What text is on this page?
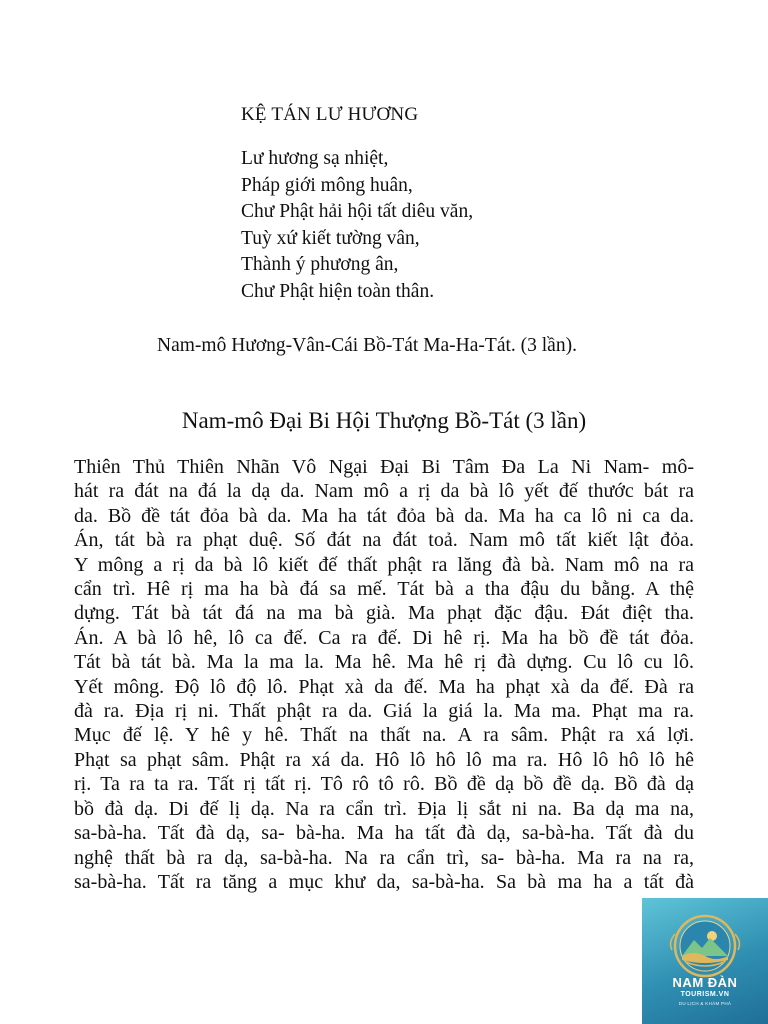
KỆ TÁN LƯ HƯƠNG
Lư hương sạ nhiệt,
Pháp giới mông huân,
Chư Phật hải hội tất diêu văn,
Tuỳ xứ kiết tường vân,
Thành ý phương ân,
Chư Phật hiện toàn thân.
Nam-mô Hương-Vân-Cái Bồ-Tát Ma-Ha-Tát. (3 lần).
Nam-mô Đại Bi Hội Thượng Bồ-Tát (3 lần)
Thiên Thủ Thiên Nhãn Vô Ngại Đại Bi Tâm Đa La Ni Nam- mô-
hát ra đát na đá la dạ da. Nam mô a rị da bà lô yết đế thước bát ra
da. Bồ đề tát đỏa bà da. Ma ha tát đỏa bà da. Ma ha ca lô ni ca da.
Án, tát bà ra phạt duệ. Số đát na đát toả. Nam mô tất kiết lật đỏa.
Y mông a rị da bà lô kiết đế thất phật ra lăng đà bà. Nam mô na ra
cẩn trì. Hê rị ma ha bà đá sa mế. Tát bà a tha đậu du bằng. A thệ
dựng. Tát bà tát đá na ma bà già. Ma phạt đặc đậu. Đát điệt tha.
Án. A bà lô hê, lô ca đế. Ca ra đế. Di hê rị. Ma ha bồ đề tát đỏa.
Tát bà tát bà. Ma la ma la. Ma hê. Ma hê rị đà dựng. Cu lô cu lô.
Yết mông. Độ lô độ lô. Phạt xà da đế. Ma ha phạt xà da đế. Đà ra
đà ra. Địa rị ni. Thất phật ra da. Giá la giá la. Ma ma. Phạt ma ra.
Mục đế lệ. Y hê y hê. Thất na thất na. A ra sâm. Phật ra xá lợi.
Phạt sa phạt sâm. Phật ra xá da. Hô lô hô lô ma ra. Hô lô hô lô hê
rị. Ta ra ta ra. Tất rị tất rị. Tô rô tô rô. Bồ đề dạ bồ đề dạ. Bồ đà dạ
bồ đà dạ. Di đế lị dạ. Na ra cẩn trì. Địa lị sắt ni na. Ba dạ ma na,
sa-bà-ha. Tất đà dạ, sa- bà-ha. Ma ha tất đà dạ, sa-bà-ha. Tất đà du
nghệ thất bà ra dạ, sa-bà-ha. Na ra cẩn trì, sa- bà-ha. Ma ra na ra,
sa-bà-ha. Tất ra tăng a mục khư da, sa-bà-ha. Sa bà ma ha a tất đà
NAM ĐÀN
TOURISM.VN
DU LỊCH & KHÁM PHÁ
